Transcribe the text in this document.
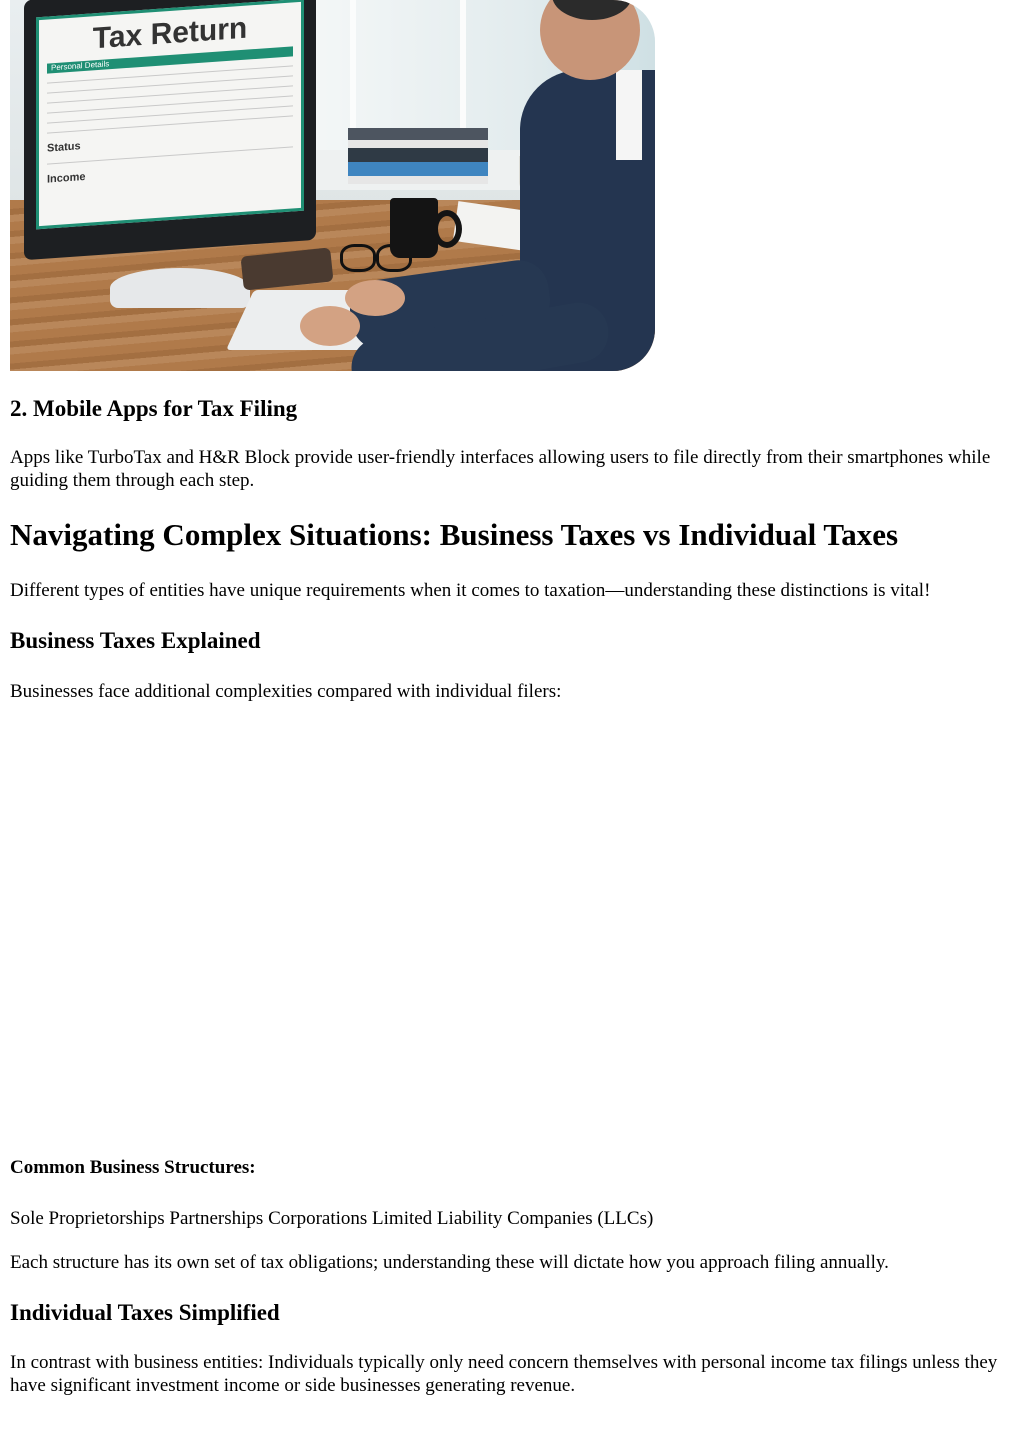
Tax Return
Personal Details
Status
Income
2. Mobile Apps for Tax Filing

Apps like TurboTax and H&R Block provide user-friendly interfaces allowing users to file directly from their smartphones while guiding them through each step.

Navigating Complex Situations: Business Taxes vs Individual Taxes

Different types of entities have unique requirements when it comes to taxation—understanding these distinctions is vital!

Business Taxes Explained

Businesses face additional complexities compared with individual filers:

Common Business Structures:

Sole Proprietorships Partnerships Corporations Limited Liability Companies (LLCs)

Each structure has its own set of tax obligations; understanding these will dictate how you approach filing annually.

Individual Taxes Simplified

In contrast with business entities: Individuals typically only need concern themselves with personal income tax filings unless they have significant investment income or side businesses generating revenue.
